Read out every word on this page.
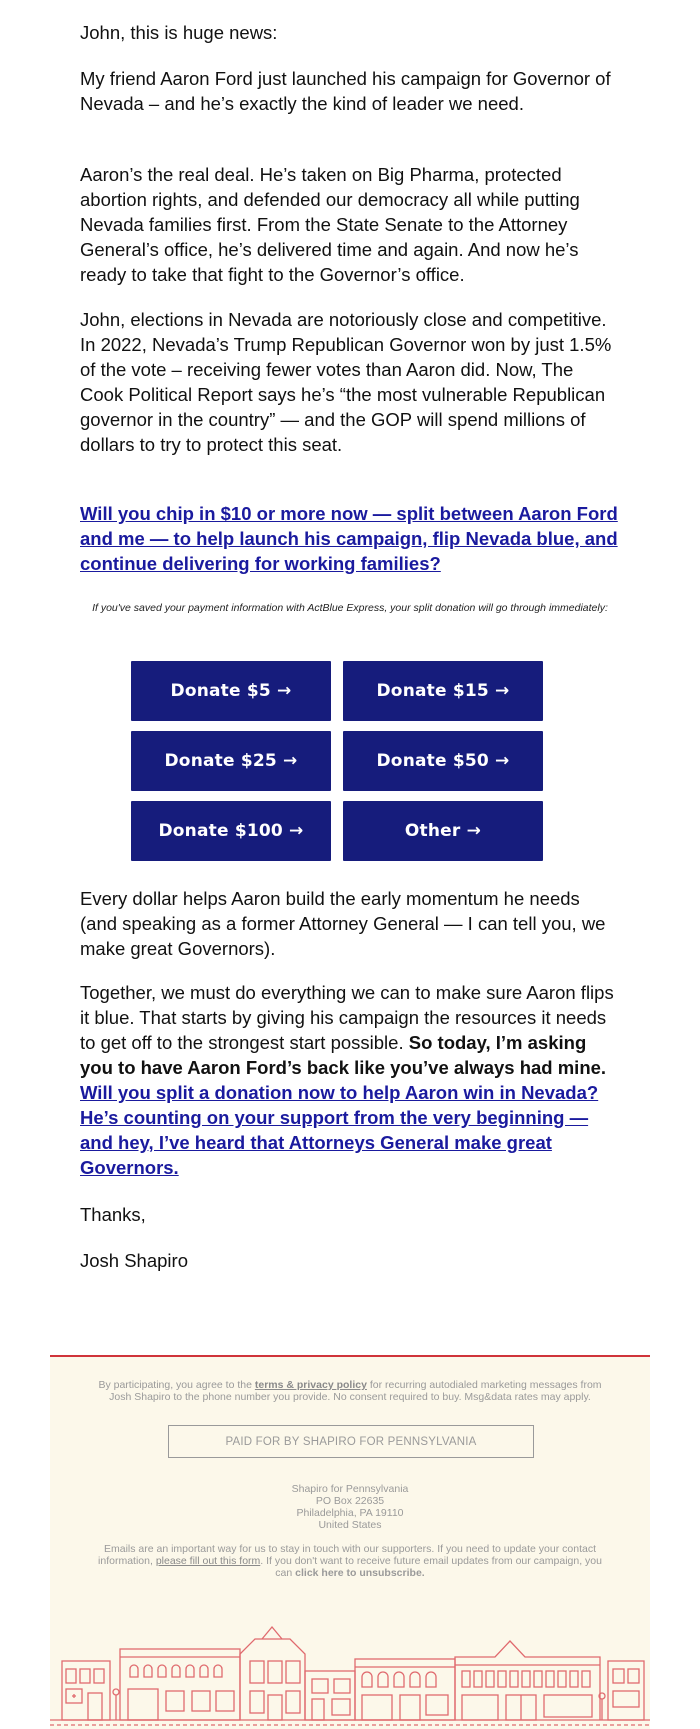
John, this is huge news:

My friend Aaron Ford just launched his campaign for Governor of Nevada – and he’s exactly the kind of leader we need.

Aaron’s the real deal. He’s taken on Big Pharma, protected abortion rights, and defended our democracy all while putting Nevada families first. From the State Senate to the Attorney General’s office, he’s delivered time and again. And now he’s ready to take that fight to the Governor’s office.

John, elections in Nevada are notoriously close and competitive. In 2022, Nevada’s Trump Republican Governor won by just 1.5% of the vote – receiving fewer votes than Aaron did. Now, The Cook Political Report says he’s “the most vulnerable Republican governor in the country” — and the GOP will spend millions of dollars to try to protect this seat.

Will you chip in $10 or more now — split between Aaron Ford and me — to help launch his campaign, flip Nevada blue, and continue delivering for working families?
If you've saved your payment information with ActBlue Express, your split donation will go through immediately:
Donate $5 →	Donate $15 →
Donate $25 →	Donate $50 →
Donate $100 →	Other →

Every dollar helps Aaron build the early momentum he needs (and speaking as a former Attorney General — I can tell you, we make great Governors).

Together, we must do everything we can to make sure Aaron flips it blue. That starts by giving his campaign the resources it needs to get off to the strongest start possible. So today, I’m asking you to have Aaron Ford’s back like you’ve always had mine. Will you split a donation now to help Aaron win in Nevada? He’s counting on your support from the very beginning — and hey, I’ve heard that Attorneys General make great Governors.

Thanks,

Josh Shapiro

By participating, you agree to the terms & privacy policy for recurring autodialed marketing messages from Josh Shapiro to the phone number you provide. No consent required to buy. Msg&data rates may apply.
PAID FOR BY SHAPIRO FOR PENNSYLVANIA
Shapiro for Pennsylvania
PO Box 22635
Philadelphia, PA 19110
United States
Emails are an important way for us to stay in touch with our supporters. If you need to update your contact information, please fill out this form. If you don't want to receive future email updates from our campaign, you can click here to unsubscribe.
